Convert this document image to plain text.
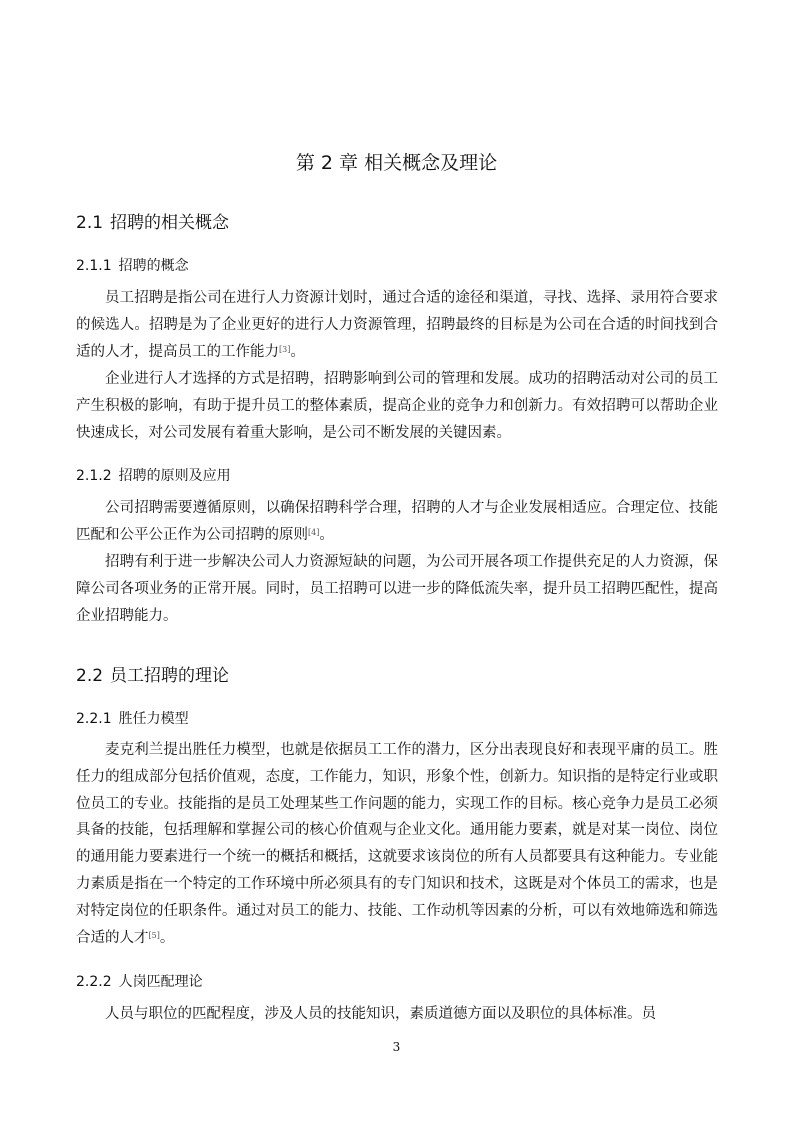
第 2 章 相关概念及理论
2.1 招聘的相关概念
2.1.1 招聘的概念

员工招聘是指公司在进行人力资源计划时，通过合适的途径和渠道，寻找、选择、录用符合要求的候选人。招聘是为了企业更好的进行人力资源管理，招聘最终的目标是为公司在合适的时间找到合适的人才，提高员工的工作能力[3]。

企业进行人才选择的方式是招聘，招聘影响到公司的管理和发展。成功的招聘活动对公司的员工产生积极的影响，有助于提升员工的整体素质，提高企业的竞争力和创新力。有效招聘可以帮助企业快速成长，对公司发展有着重大影响，是公司不断发展的关键因素。

2.1.2 招聘的原则及应用

公司招聘需要遵循原则，以确保招聘科学合理，招聘的人才与企业发展相适应。合理定位、技能匹配和公平公正作为公司招聘的原则[4]。

招聘有利于进一步解决公司人力资源短缺的问题，为公司开展各项工作提供充足的人力资源，保障公司各项业务的正常开展。同时，员工招聘可以进一步的降低流失率，提升员工招聘匹配性，提高企业招聘能力。

2.2 员工招聘的理论
2.2.1 胜任力模型

麦克利兰提出胜任力模型，也就是依据员工工作的潜力，区分出表现良好和表现平庸的员工。胜任力的组成部分包括价值观，态度，工作能力，知识，形象个性，创新力。知识指的是特定行业或职位员工的专业。技能指的是员工处理某些工作问题的能力，实现工作的目标。核心竞争力是员工必须具备的技能，包括理解和掌握公司的核心价值观与企业文化。通用能力要素，就是对某一岗位、岗位的通用能力要素进行一个统一的概括和概括，这就要求该岗位的所有人员都要具有这种能力。专业能力素质是指在一个特定的工作环境中所必须具有的专门知识和技术，这既是对个体员工的需求，也是对特定岗位的任职条件。通过对员工的能力、技能、工作动机等因素的分析，可以有效地筛选和筛选合适的人才[5]。

2.2.2 人岗匹配理论

人员与职位的匹配程度，涉及人员的技能知识，素质道德方面以及职位的具体标准。员

3
